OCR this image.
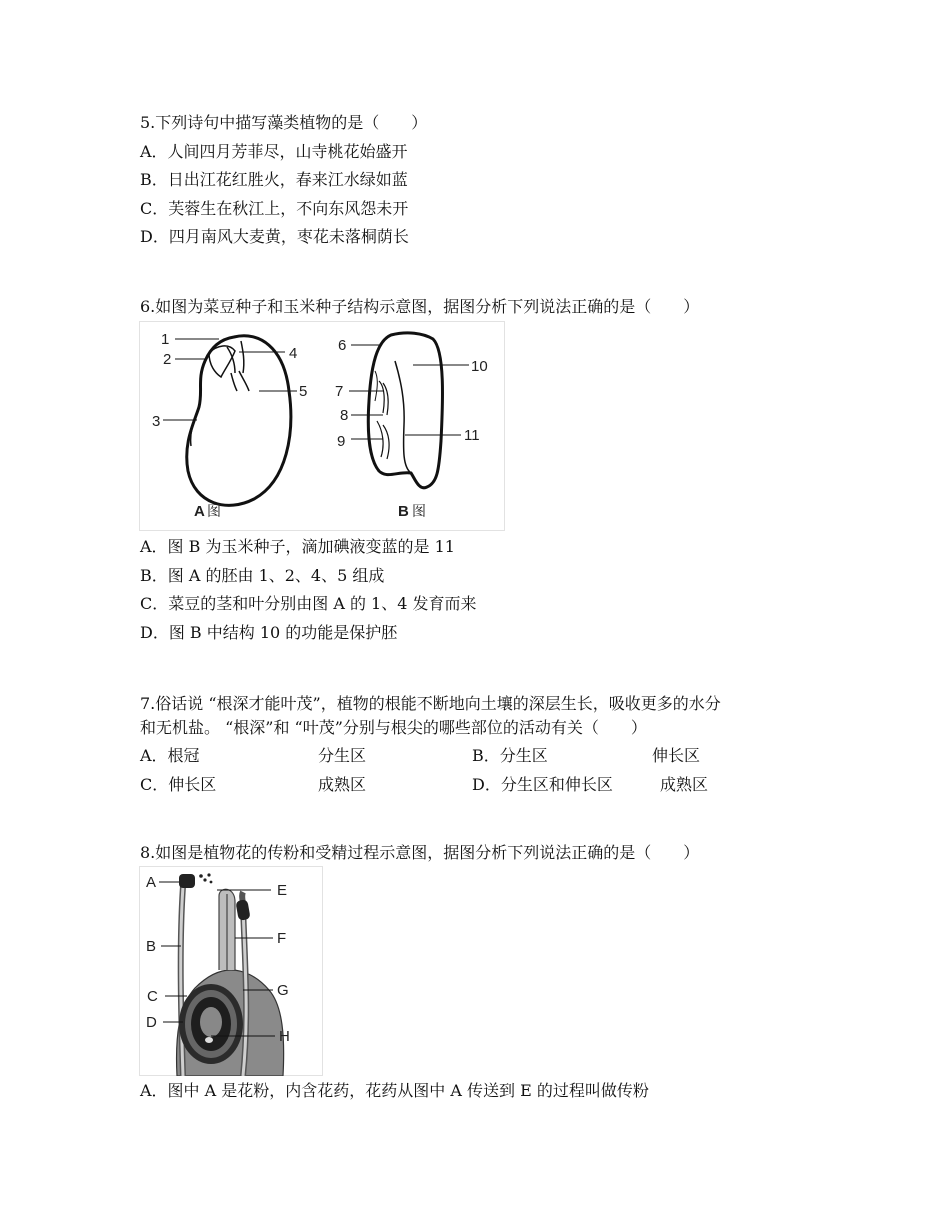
5.下列诗句中描写藻类植物的是（　　）
A．人间四月芳菲尽，山寺桃花始盛开
B．日出江花红胜火，春来江水绿如蓝
C．芙蓉生在秋江上，不向东风怨未开
D．四月南风大麦黄，枣花未落桐荫长
6.如图为菜豆种子和玉米种子结构示意图，据图分析下列说法正确的是（　　）
1
2
3
4
5
A 图
6
7
8
9
10
11
B 图
A．图 B 为玉米种子，滴加碘液变蓝的是 11
B．图 A 的胚由 1、2、4、5 组成
C．菜豆的茎和叶分别由图 A 的 1、4 发育而来
D．图 B 中结构 10 的功能是保护胚
7.俗话说 “根深才能叶茂”，植物的根能不断地向土壤的深层生长，吸收更多的水分
和无机盐。 “根深”和 “叶茂”分别与根尖的哪些部位的活动有关（　　）
A．根冠	分生区	B．分生区	伸长区
C．伸长区	成熟区	D．分生区和伸长区	成熟区
8.如图是植物花的传粉和受精过程示意图，据图分析下列说法正确的是（　　）
A
B
C
D
E
F
G
H
A．图中 A 是花粉，内含花药，花药从图中 A 传送到 E 的过程叫做传粉
